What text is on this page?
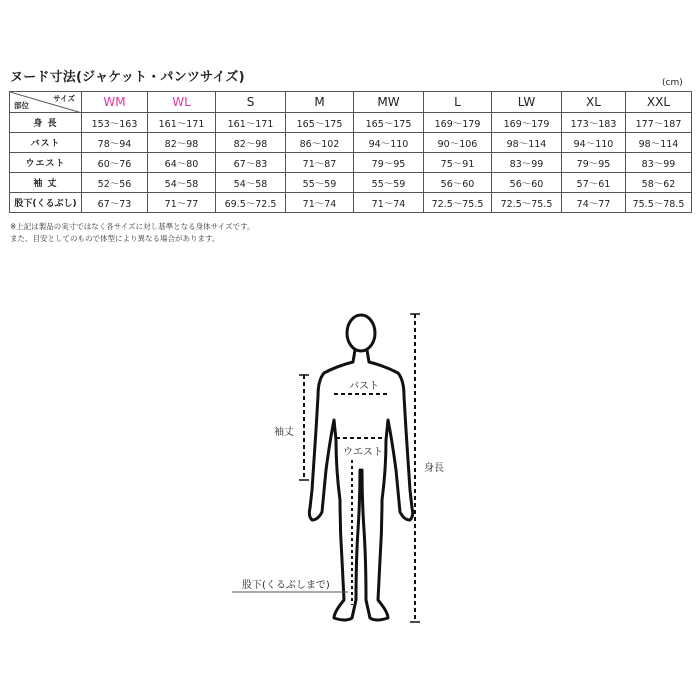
ヌード寸法(ジャケット・パンツサイズ)	(cm)
サイズ
部位	WM	WL	S	M	MW	L	LW	XL	XXL
身 長	153〜163	161〜171	161〜171	165〜175	165〜175	169〜179	169〜179	173〜183	177〜187
バスト	78〜94	82〜98	82〜98	86〜102	94〜110	90〜106	98〜114	94〜110	98〜114
ウエスト	60〜76	64〜80	67〜83	71〜87	79〜95	75〜91	83〜99	79〜95	83〜99
袖 丈	52〜56	54〜58	54〜58	55〜59	55〜59	56〜60	56〜60	57〜61	58〜62
股下(くるぶし)	67〜73	71〜77	69.5〜72.5	71〜74	71〜74	72.5〜75.5	72.5〜75.5	74〜77	75.5〜78.5
※上記は製品の実寸ではなく各サイズに対し基準となる身体サイズです。
また、目安としてのもので体型により異なる場合があります。
バスト
ウエスト
袖丈
身長
股下(くるぶしまで)
